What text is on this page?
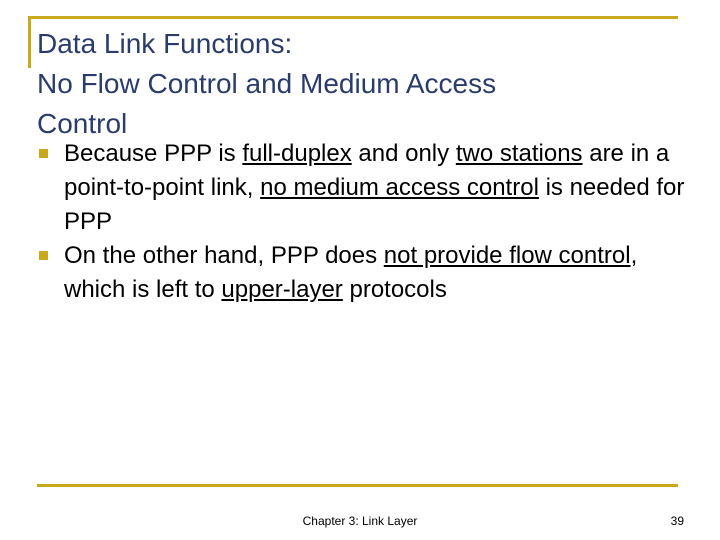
Data Link Functions:
No Flow Control and Medium Access
Control
Because PPP is full-duplex and only two stations are in a point-to-point link, no medium access control is needed for PPP
On the other hand, PPP does not provide flow control, which is left to upper-layer protocols
Chapter 3: Link Layer	39
